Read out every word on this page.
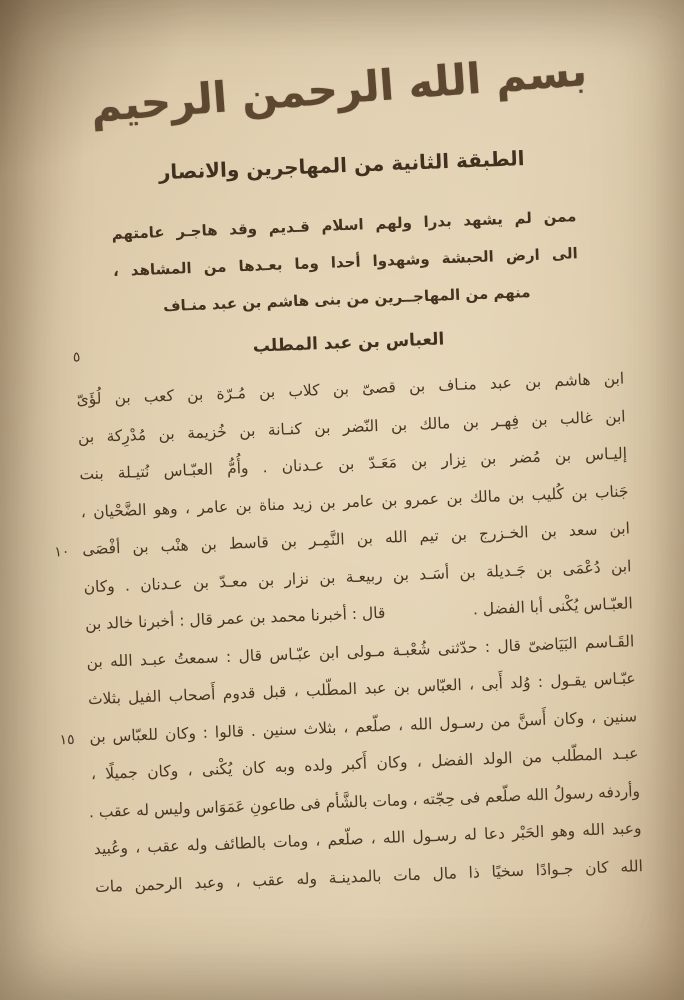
بسم الله الرحمن الرحيم
الطبقة الثانية من المهاجرين والانصار
ممن لم يشهد بدرا ولهم اسلام قـديم وقد هاجـر عامتهم
الى ارض الحبشة وشهدوا أحدا وما بعـدها من المشاهد ،
منهم من المهاجــرين من بنى هاشم بن عبد منـاف
٥
العباس بن عبد المطلب
١٠
١٥
ابن هاشم بن عبد منـاف بن قصىّ بن كلاب بن مُـرّة بن كعب بن لُؤَىّ
ابن غالب بن فِهـر بن مالك بن النّضر بن كنـانة بن خُزيمة بن مُدْرِكة بن
إليـاس بن مُضر بن نِزار بن مَعَـدّ بن عـدنان . وأُمُّ العبّـاس نُتيـلة بنت
جَناب بن كُليب بن مالك بن عمرو بن عامر بن زيد مناة بن عامر ، وهو الضَّحْيان ،
ابن سعد بن الخـزرج بن تيم الله بن النَّمِـر بن قاسط بن هنْب بن أفْصَى
ابن دُعْمَى بن جَـديلة بن أسَـد بن ربيعـة بن نزار بن معـدّ بن عـدنان . وكان
العبّـاس يُكْنى أبا الفضل .
قال : أخبرنا محمد بن عمر قال : أخبرنا خالد بن
القَـاسم البَيَاضىّ قال : حدّثنى شُعْبـة مـولى ابن عبّـاس قال : سمعتُ عبـد الله بن
عبّـاس يقـول : وُلد أَبى ، العبّاس بن عبد المطّلب ، قبل قدوم أَصحاب الفيل بثلاث
سنين ، وكان أَسنَّ من رسـول الله ، صلّعم ، بثلاث سنين . قالوا : وكان للعبّاس بن
عبـد المطّلب من الولد الفضل ، وكان أَكبر ولده وبه كان يُكْنى ، وكان جميلًا ،
وأردفه رسولُ الله صلّعم فى حِجّته ، ومات بالشَّأم فى طاعونِ عَمَوَاس وليس له عقب .
وعبد الله وهو الحَبْر دعا له رسـول الله ، صلّعم ، ومات بالطائف وله عقب ، وعُبيد
الله كان جـوادًا سخيًا ذا مال مات بالمدينـة وله عقب ، وعبد الرحمن مات
